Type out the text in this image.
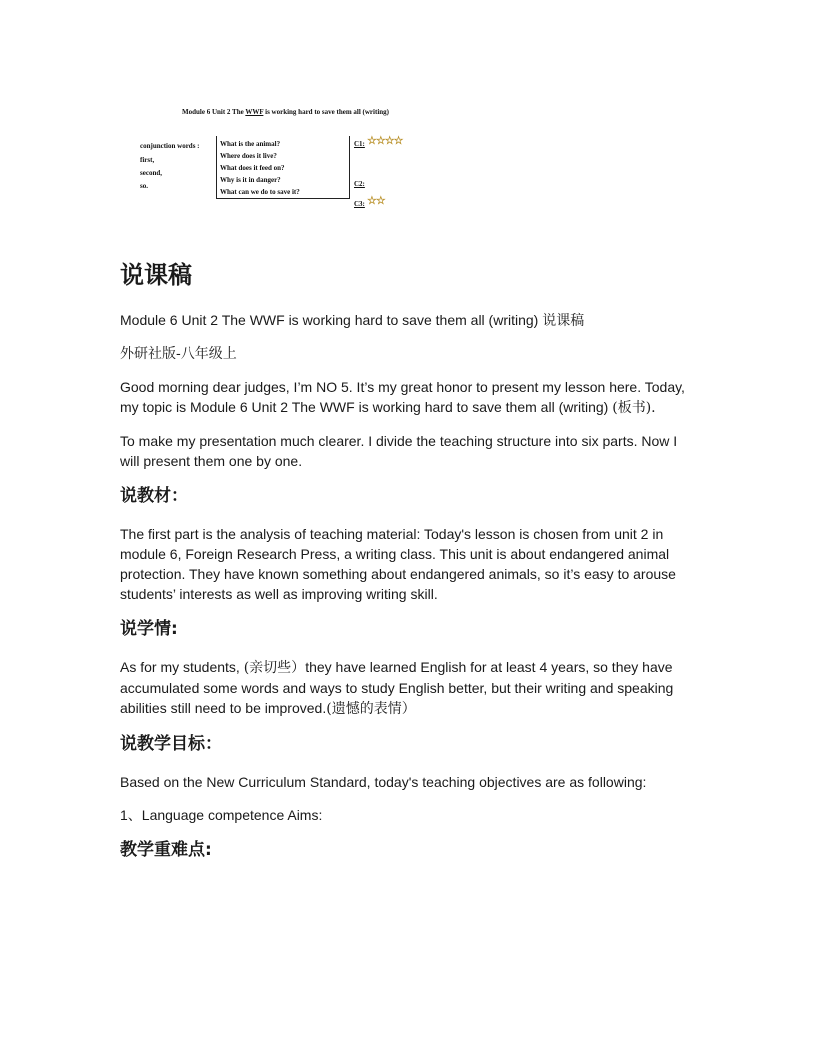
Module 6 Unit 2 The WWF is working hard to save them all (writing)
conjunction words :
first,
second,
so.
What is the animal?
Where does it live?
What does it feed on?
Why is it in danger?
What can we do to save it?
C1: ☆☆☆☆
C2:
C3: ☆☆
说课稿

Module 6 Unit 2 The WWF is working hard to save them all (writing) 说课稿

外研社版-八年级上

Good morning dear judges, I’m NO 5. It’s my great honor to present my lesson here. Today, my topic is Module 6 Unit 2 The WWF is working hard to save them all (writing) (板书).

To make my presentation much clearer. I divide the teaching structure into six parts. Now I will present them one by one.

说教材：

The first part is the analysis of teaching material: Today's lesson is chosen from unit 2 in module 6, Foreign Research Press, a writing class. This unit is about endangered animal protection. They have known something about endangered animals, so it’s easy to arouse students’ interests as well as improving writing skill.

说学情:

As for my students, (亲切些）they have learned English for at least 4 years, so they have accumulated some words and ways to study English better, but their writing and speaking abilities still need to be improved.(遗憾的表情）

说教学目标：

Based on the New Curriculum Standard, today's teaching objectives are as following:

1、Language competence Aims:

教学重难点:
